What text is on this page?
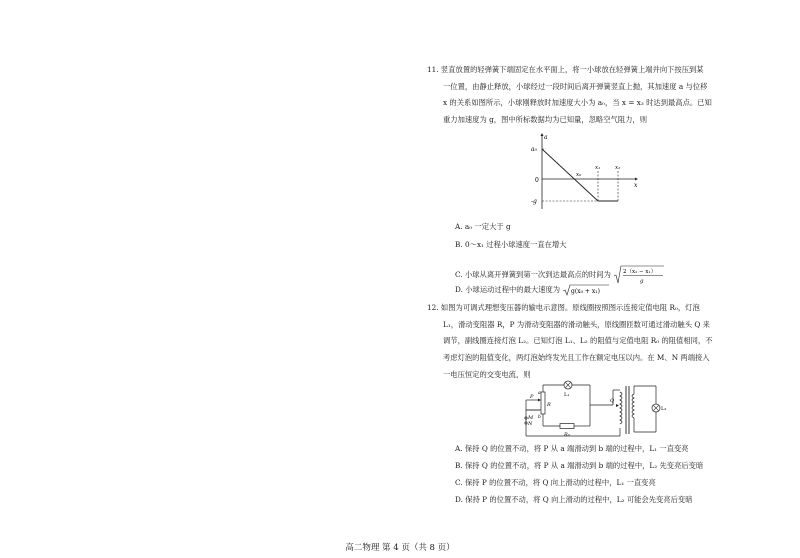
11. 竖直放置的轻弹簧下端固定在水平面上，将一小球放在轻弹簧上端并向下按压到某
一位置，由静止释放，小球经过一段时间后离开弹簧竖直上抛，其加速度 a 与位移
x 的关系如图所示，小球刚释放时加速度大小为 a₀，当 x = x₃ 时达到最高点。已知
重力加速度为 g，图中所标数据均为已知量，忽略空气阻力，则
a
x
0
a₀
-g
x₀
x₁	x₂
A. a₀ 一定大于 g
B. 0～x₁ 过程小球速度一直在增大
C. 小球从离开弹簧到第一次到达最高点的时间为 2（x₂ − x₁）
g
D. 小球运动过程中的最大速度为 g(x₀ + x₁)
12. 如图为可调式理想变压器的输电示意图。原线圈按照图示连接定值电阻 R₀，灯泡
L₁，滑动变阻器 R，P 为滑动变阻器的滑动触头，原线圈匝数可通过滑动触头 Q 来
调节，副线圈连接灯泡 L₂。已知灯泡 L₁、L₂ 的阻值与定值电阻 R₀ 的阻值相同，不
考虑灯泡的阻值变化，两灯泡始终发光且工作在额定电压以内。在 M、N 两端接入
一电压恒定的交变电流，则
M
N
P
R
a
b
L₁
R₀
Q
L₂
A. 保持 Q 的位置不动，将 P 从 a 端滑动到 b 端的过程中，L₁ 一直变亮
B. 保持 Q 的位置不动，将 P 从 a 端滑动到 b 端的过程中，L₂ 先变亮后变暗
C. 保持 P 的位置不动，将 Q 向上滑动的过程中，L₁ 一直变亮
D. 保持 P 的位置不动，将 Q 向上滑动的过程中，L₂ 可能会先变亮后变暗
高二物理 第 4 页（共 8 页）
